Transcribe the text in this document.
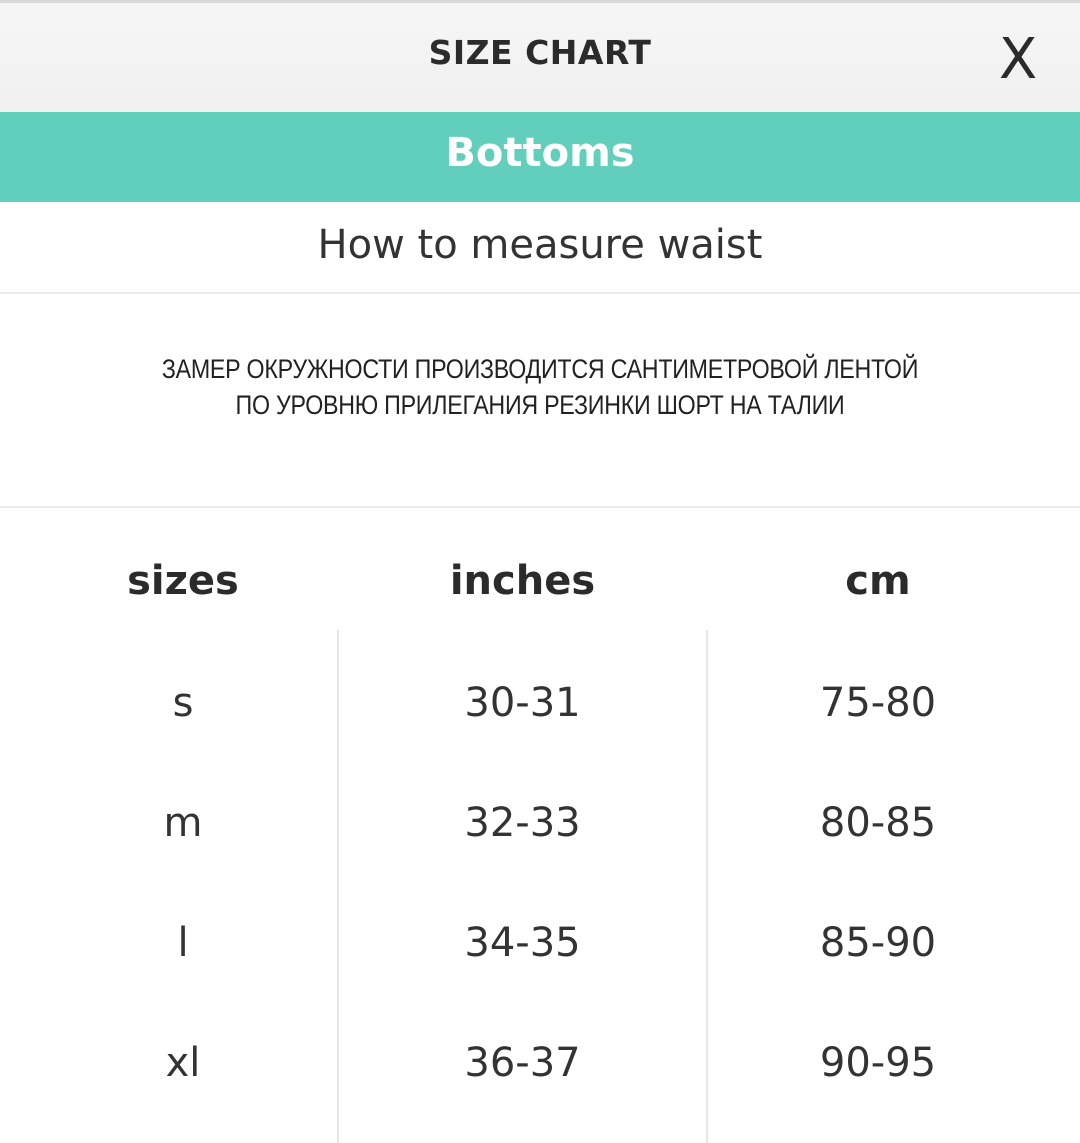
SIZE CHART	X
Bottoms
How to measure waist
ЗАМЕР ОКРУЖНОСТИ ПРОИЗВОДИТСЯ САНТИМЕТРОВОЙ ЛЕНТОЙ
ПО УРОВНЮ ПРИЛЕГАНИЯ РЕЗИНКИ ШОРТ НА ТАЛИИ
sizes	inches	cm
s	30-31	75-80
m	32-33	80-85
l	34-35	85-90
xl	36-37	90-95
